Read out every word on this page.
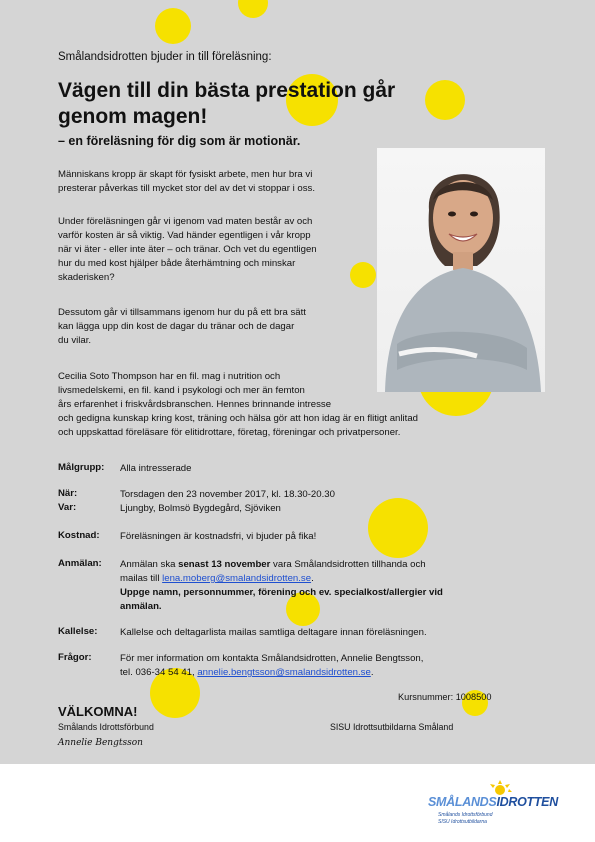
Smålandsidrotten bjuder in till föreläsning:

Vägen till din bästa prestation går
genom magen!

– en föreläsning för dig som är motionär.

Människans kropp är skapt för fysiskt arbete, men hur bra vi
presterar påverkas till mycket stor del av det vi stoppar i oss.
Under föreläsningen går vi igenom vad maten består av och
varför kosten är så viktig. Vad händer egentligen i vår kropp
när vi äter - eller inte äter – och tränar. Och vet du egentligen
hur du med kost hjälper både återhämtning och minskar
skaderisken?
Dessutom går vi tillsammans igenom hur du på ett bra sätt
kan lägga upp din kost de dagar du tränar och de dagar
du vilar.
Cecilia Soto Thompson har en fil. mag i nutrition och
livsmedelskemi, en fil. kand i psykologi och mer än femton
års erfarenhet i friskvårdsbranschen. Hennes brinnande intresse
och gedigna kunskap kring kost, träning och hälsa gör att hon idag är en flitigt anlitad
och uppskattad föreläsare för elitidrottare, företag, föreningar och privatpersoner.
Målgrupp: Alla intresserade
När:	Torsdagen den 23 november 2017, kl. 18.30-20.30
Var:	Ljungby, Bolmsö Bygdegård, Sjöviken
Kostnad: Föreläsningen är kostnadsfri, vi bjuder på fika!
Anmälan: Anmälan ska senast 13 november vara Smålandsidrotten tillhanda och
mailas till lena.moberg@smalandsidrotten.se.
Uppge namn, personnummer, förening och ev. specialkost/allergier vid
anmälan.
Kallelse: Kallelse och deltagarlista mailas samtliga deltagare innan föreläsningen.
Frågor:	För mer information om kontakta Smålandsidrotten, Annelie Bengtsson,
tel. 036-34 54 41, annelie.bengtsson@smalandsidrotten.se.
Kursnummer: 1008500
VÄLKOMNA!
Smålands Idrottsförbund	SISU Idrottsutbildarna Småland
Annelie Bengtsson
SMÅLANDSIDROTTEN
Smålands Idrottsförbund
SISU Idrottsutbildarna
